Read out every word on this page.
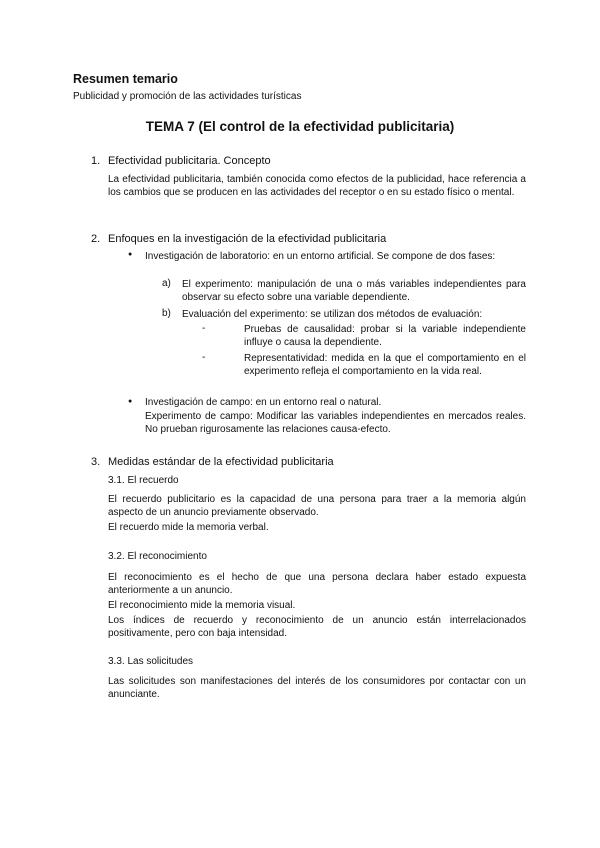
Resumen temario
Publicidad y promoción de las actividades turísticas
TEMA 7 (El control de la efectividad publicitaria)
1. Efectividad publicitaria. Concepto
La efectividad publicitaria, también conocida como efectos de la publicidad, hace referencia a los cambios que se producen en las actividades del receptor o en su estado físico o mental.
2. Enfoques en la investigación de la efectividad publicitaria
● Investigación de laboratorio: en un entorno artificial. Se compone de dos fases:
a) El experimento: manipulación de una o más variables independientes para observar su efecto sobre una variable dependiente.
b) Evaluación del experimento: se utilizan dos métodos de evaluación:
-	Pruebas de causalidad: probar si la variable independiente influye o causa la dependiente.
-	Representatividad: medida en la que el comportamiento en el experimento refleja el comportamiento en la vida real.
● Investigación de campo: en un entorno real o natural.
Experimento de campo: Modificar las variables independientes en mercados reales. No prueban rigurosamente las relaciones causa-efecto.
3. Medidas estándar de la efectividad publicitaria
3.1. El recuerdo
El recuerdo publicitario es la capacidad de una persona para traer a la memoria algún aspecto de un anuncio previamente observado.
El recuerdo mide la memoria verbal.
3.2. El reconocimiento
El reconocimiento es el hecho de que una persona declara haber estado expuesta anteriormente a un anuncio.
El reconocimiento mide la memoria visual.
Los índices de recuerdo y reconocimiento de un anuncio están interrelacionados positivamente, pero con baja intensidad.
3.3. Las solicitudes
Las solicitudes son manifestaciones del interés de los consumidores por contactar con un anunciante.
